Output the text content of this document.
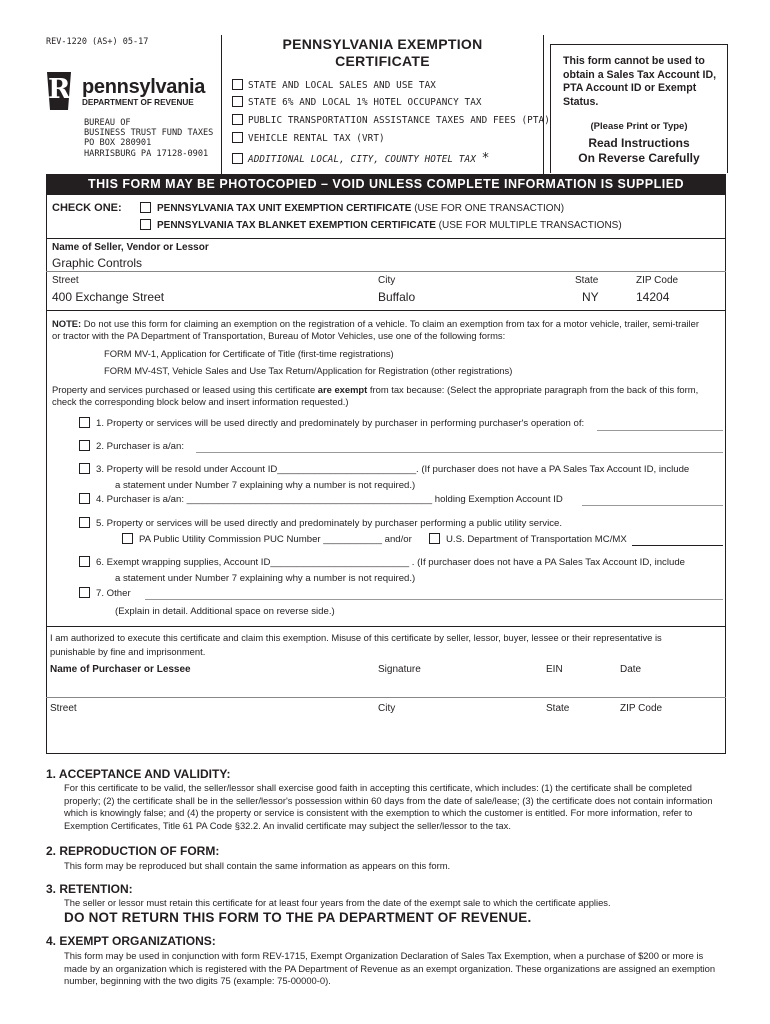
REV-1220 (AS+) 05-17
R pennsylvania
DEPARTMENT OF REVENUE
BUREAU OF
BUSINESS TRUST FUND TAXES
PO BOX 280901
HARRISBURG PA 17128-0901
PENNSYLVANIA EXEMPTION
CERTIFICATE
STATE AND LOCAL SALES AND USE TAX
STATE 6% AND LOCAL 1% HOTEL OCCUPANCY TAX
PUBLIC TRANSPORTATION ASSISTANCE TAXES AND FEES (PTA)
VEHICLE RENTAL TAX (VRT)
ADDITIONAL LOCAL, CITY, COUNTY HOTEL TAX *
This form cannot be used to obtain a Sales Tax Account ID, PTA Account ID or Exempt Status.
(Please Print or Type)
Read Instructions
On Reverse Carefully
THIS FORM MAY BE PHOTOCOPIED – VOID UNLESS COMPLETE INFORMATION IS SUPPLIED
CHECK ONE:	PENNSYLVANIA TAX UNIT EXEMPTION CERTIFICATE (USE FOR ONE TRANSACTION)
PENNSYLVANIA TAX BLANKET EXEMPTION CERTIFICATE (USE FOR MULTIPLE TRANSACTIONS)
Name of Seller, Vendor or Lessor
Graphic Controls
Street	City	State	ZIP Code
400 Exchange Street	Buffalo	NY	14204
NOTE: Do not use this form for claiming an exemption on the registration of a vehicle. To claim an exemption from tax for a motor vehicle, trailer, semi-trailer
or tractor with the PA Department of Transportation, Bureau of Motor Vehicles, use one of the following forms:
FORM MV-1, Application for Certificate of Title (first-time registrations)
FORM MV-4ST, Vehicle Sales and Use Tax Return/Application for Registration (other registrations)
Property and services purchased or leased using this certificate are exempt from tax because: (Select the appropriate paragraph from the back of this form,
check the corresponding block below and insert information requested.)
1. Property or services will be used directly and predominately by purchaser in performing purchaser's operation of:
2. Purchaser is a/an:
3. Property will be resold under Account ID__________________________. (If purchaser does not have a PA Sales Tax Account ID, include
a statement under Number 7 explaining why a number is not required.)
4. Purchaser is a/an: ______________________________________________ holding Exemption Account ID
5. Property or services will be used directly and predominately by purchaser performing a public utility service.
PA Public Utility Commission PUC Number ___________ and/or	U.S. Department of Transportation MC/MX
6. Exempt wrapping supplies, Account ID__________________________ . (If purchaser does not have a PA Sales Tax Account ID, include
a statement under Number 7 explaining why a number is not required.)
7. Other
(Explain in detail. Additional space on reverse side.)
I am authorized to execute this certificate and claim this exemption. Misuse of this certificate by seller, lessor, buyer, lessee or their representative is
punishable by fine and imprisonment.
Name of Purchaser or Lessee	Signature	EIN	Date
Street	City	State	ZIP Code
1. ACCEPTANCE AND VALIDITY:
For this certificate to be valid, the seller/lessor shall exercise good faith in accepting this certificate, which includes: (1) the certificate shall be completed properly; (2) the certificate shall be in the seller/lessor's possession within 60 days from the date of sale/lease; (3) the certificate does not contain information which is knowingly false; and (4) the property or service is consistent with the exemption to which the customer is entitled. For more information, refer to Exemption Certificates, Title 61 PA Code §32.2. An invalid certificate may subject the seller/lessor to the tax.
2. REPRODUCTION OF FORM:
This form may be reproduced but shall contain the same information as appears on this form.
3. RETENTION:
The seller or lessor must retain this certificate for at least four years from the date of the exempt sale to which the certificate applies.
DO NOT RETURN THIS FORM TO THE PA DEPARTMENT OF REVENUE.
4. EXEMPT ORGANIZATIONS:
This form may be used in conjunction with form REV-1715, Exempt Organization Declaration of Sales Tax Exemption, when a purchase of $200 or more is made by an organization which is registered with the PA Department of Revenue as an exempt organization. These organizations are assigned an exemption number, beginning with the two digits 75 (example: 75-00000-0).
